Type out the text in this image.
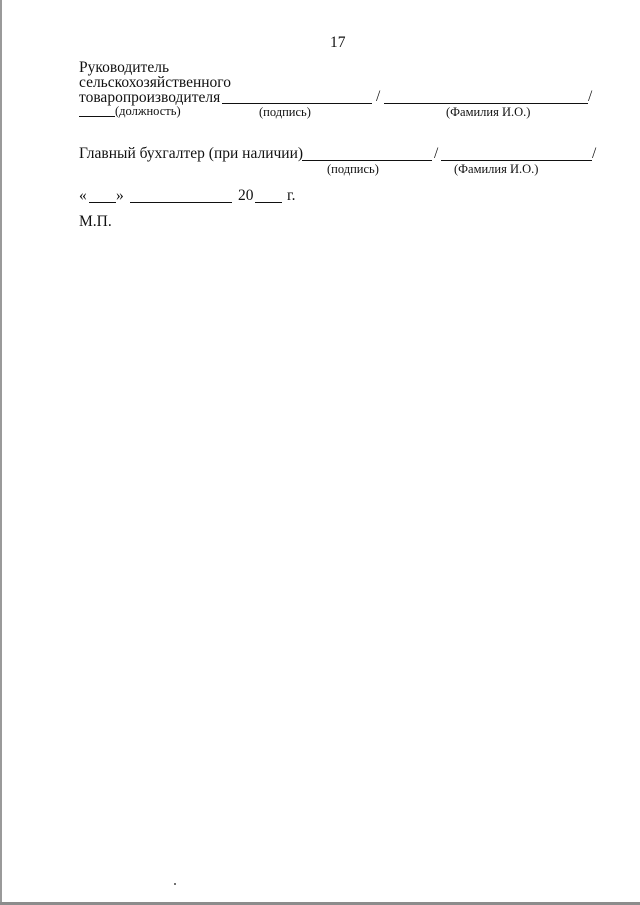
17
Руководитель
сельскохозяйственного
товаропроизводителя	/	/
(должность)	(подпись)	(Фамилия И.О.)
Главный бухгалтер (при наличии)	/	/
(подпись)	(Фамилия И.О.)
« »	20 г.
М.П.
